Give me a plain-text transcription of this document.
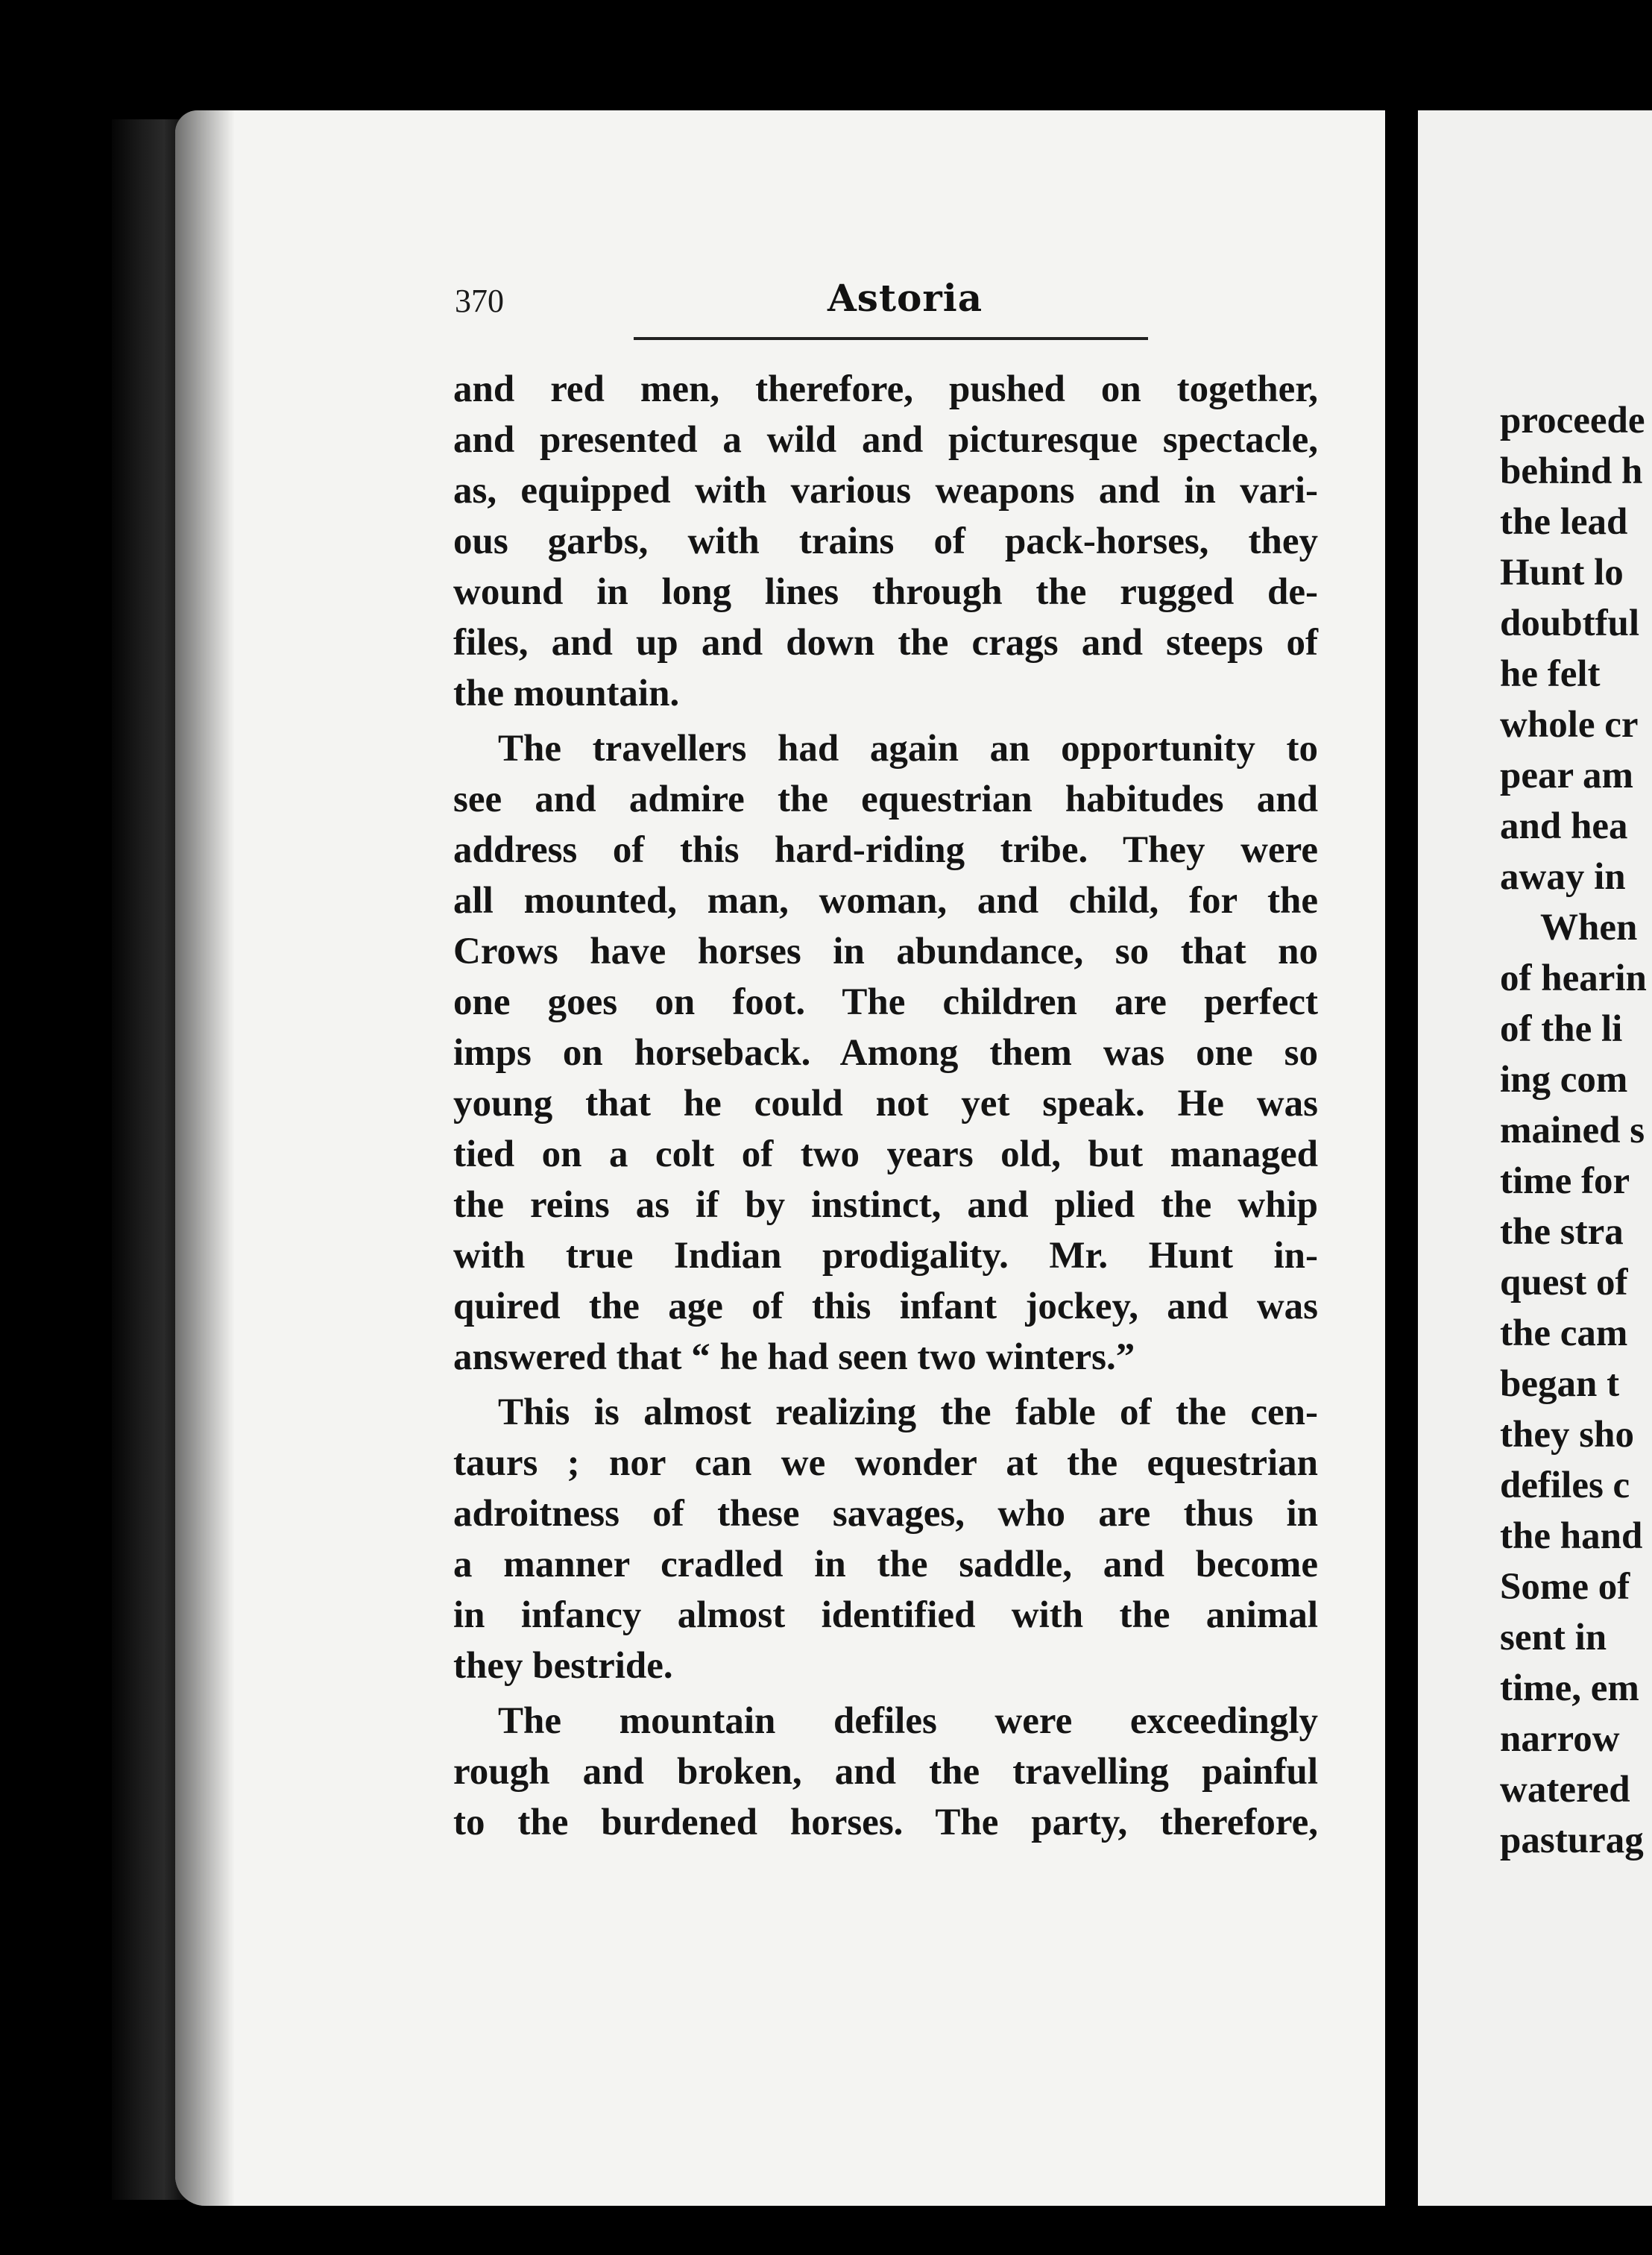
370	Astoria
and red men, therefore, pushed on together,
and presented a wild and picturesque spectacle,
as, equipped with various weapons and in vari-
ous garbs, with trains of pack-horses, they
wound in long lines through the rugged de-
files, and up and down the crags and steeps of
the mountain.
The travellers had again an opportunity to
see and admire the equestrian habitudes and
address of this hard-riding tribe. They were
all mounted, man, woman, and child, for the
Crows have horses in abundance, so that no
one goes on foot. The children are perfect
imps on horseback. Among them was one so
young that he could not yet speak. He was
tied on a colt of two years old, but managed
the reins as if by instinct, and plied the whip
with true Indian prodigality. Mr. Hunt in-
quired the age of this infant jockey, and was
answered that “ he had seen two winters.”
This is almost realizing the fable of the cen-
taurs ; nor can we wonder at the equestrian
adroitness of these savages, who are thus in
a manner cradled in the saddle, and become
in infancy almost identified with the animal
they bestride.
The mountain defiles were exceedingly
rough and broken, and the travelling painful
to the burdened horses. The party, therefore,
proceede
behind h
the lead
Hunt lo
doubtful
he felt
whole cr
pear am
and hea
away in
When
of hearin
of the li
ing com
mained s
time for
the stra
quest of
the cam
began t
they sho
defiles c
the hand
Some of
sent in
time, em
narrow
watered
pasturag
